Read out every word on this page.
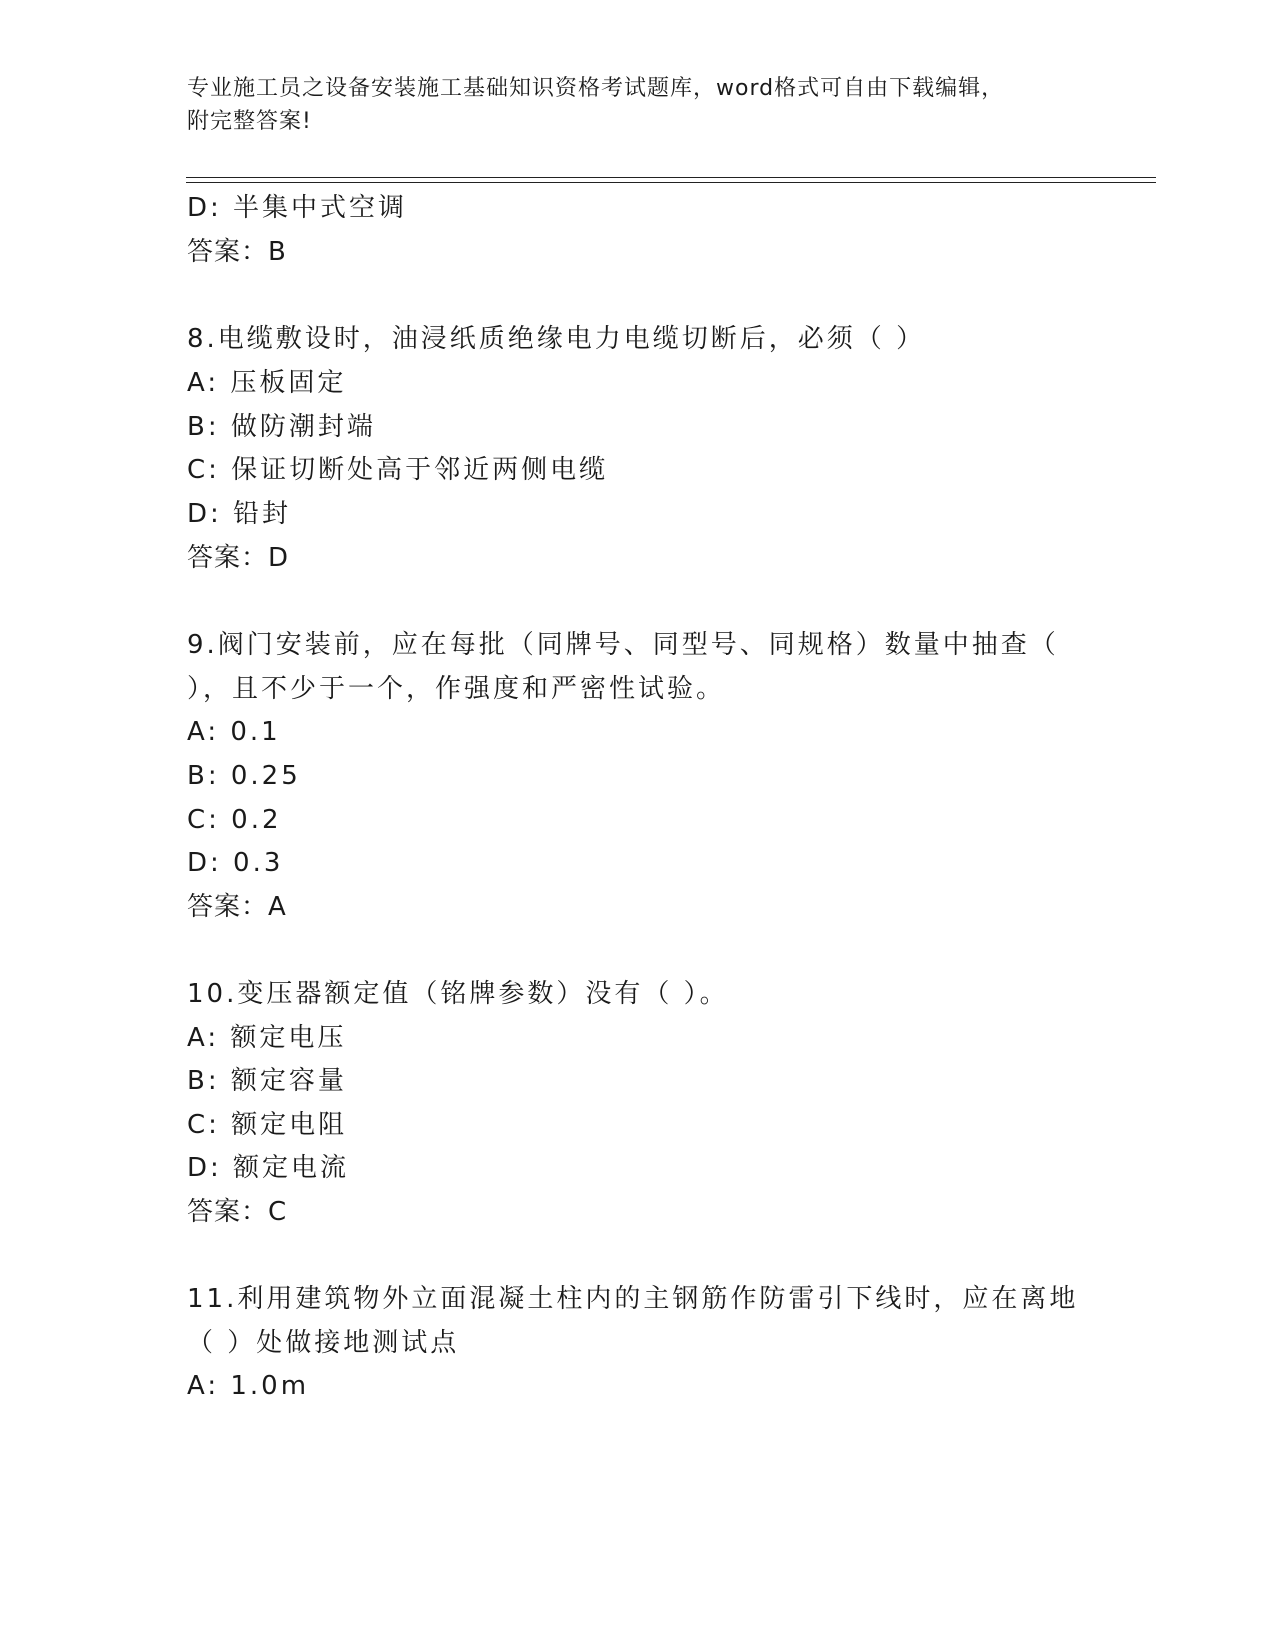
专业施工员之设备安装施工基础知识资格考试题库，word格式可自由下载编辑，
附完整答案!
D: 半集中式空调
答案：B
8.电缆敷设时，油浸纸质绝缘电力电缆切断后，必须（ ）
A: 压板固定
B: 做防潮封端
C: 保证切断处高于邻近两侧电缆
D: 铅封
答案：D
9.阀门安装前，应在每批（同牌号、同型号、同规格）数量中抽查（
），且不少于一个，作强度和严密性试验。
A: 0.1
B: 0.25
C: 0.2
D: 0.3
答案：A
10.变压器额定值（铭牌参数）没有（ ）。
A: 额定电压
B: 额定容量
C: 额定电阻
D: 额定电流
答案：C
11.利用建筑物外立面混凝土柱内的主钢筋作防雷引下线时，应在离地
（ ）处做接地测试点
A: 1.0m
